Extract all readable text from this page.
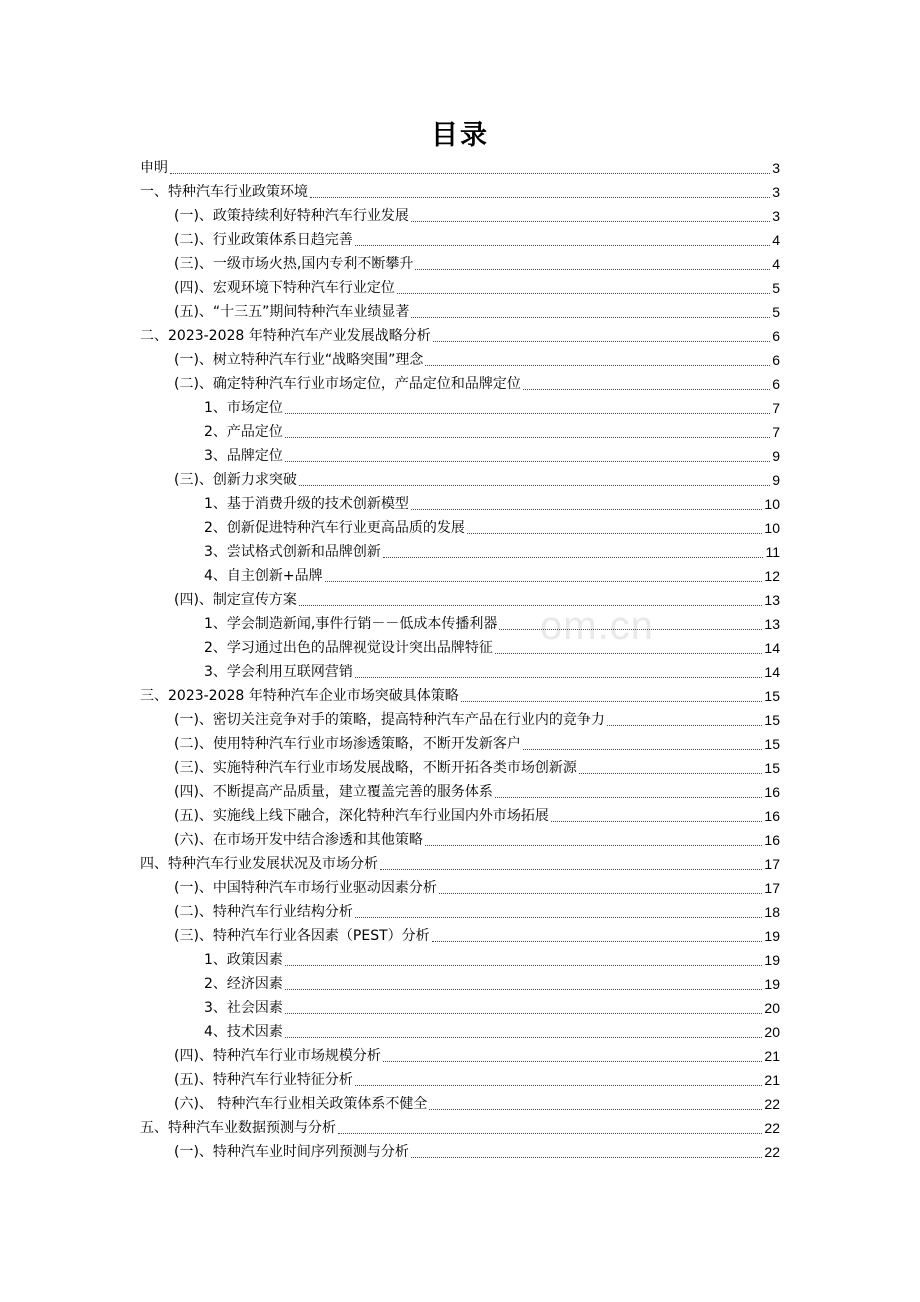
目录
om.cn
申明	3
一、特种汽车行业政策环境	3
(一)、政策持续利好特种汽车行业发展	3
(二)、行业政策体系日趋完善	4
(三)、一级市场火热,国内专利不断攀升	4
(四)、宏观环境下特种汽车行业定位	5
(五)、“十三五”期间特种汽车业绩显著	5
二、2023-2028 年特种汽车产业发展战略分析	6
(一)、树立特种汽车行业“战略突围”理念	6
(二)、确定特种汽车行业市场定位，产品定位和品牌定位	6
1、市场定位	7
2、产品定位	7
3、品牌定位	9
(三)、创新力求突破	9
1、基于消费升级的技术创新模型	10
2、创新促进特种汽车行业更高品质的发展	10
3、尝试格式创新和品牌创新	11
4、自主创新+品牌	12
(四)、制定宣传方案	13
1、学会制造新闻,事件行销－－低成本传播利器	13
2、学习通过出色的品牌视觉设计突出品牌特征	14
3、学会利用互联网营销	14
三、2023-2028 年特种汽车企业市场突破具体策略	15
(一)、密切关注竞争对手的策略，提高特种汽车产品在行业内的竞争力	15
(二)、使用特种汽车行业市场渗透策略，不断开发新客户	15
(三)、实施特种汽车行业市场发展战略，不断开拓各类市场创新源	15
(四)、不断提高产品质量，建立覆盖完善的服务体系	16
(五)、实施线上线下融合，深化特种汽车行业国内外市场拓展	16
(六)、在市场开发中结合渗透和其他策略	16
四、特种汽车行业发展状况及市场分析	17
(一)、中国特种汽车市场行业驱动因素分析	17
(二)、特种汽车行业结构分析	18
(三)、特种汽车行业各因素（PEST）分析	19
1、政策因素	19
2、经济因素	19
3、社会因素	20
4、技术因素	20
(四)、特种汽车行业市场规模分析	21
(五)、特种汽车行业特征分析	21
(六)、 特种汽车行业相关政策体系不健全	22
五、特种汽车业数据预测与分析	22
(一)、特种汽车业时间序列预测与分析	22
